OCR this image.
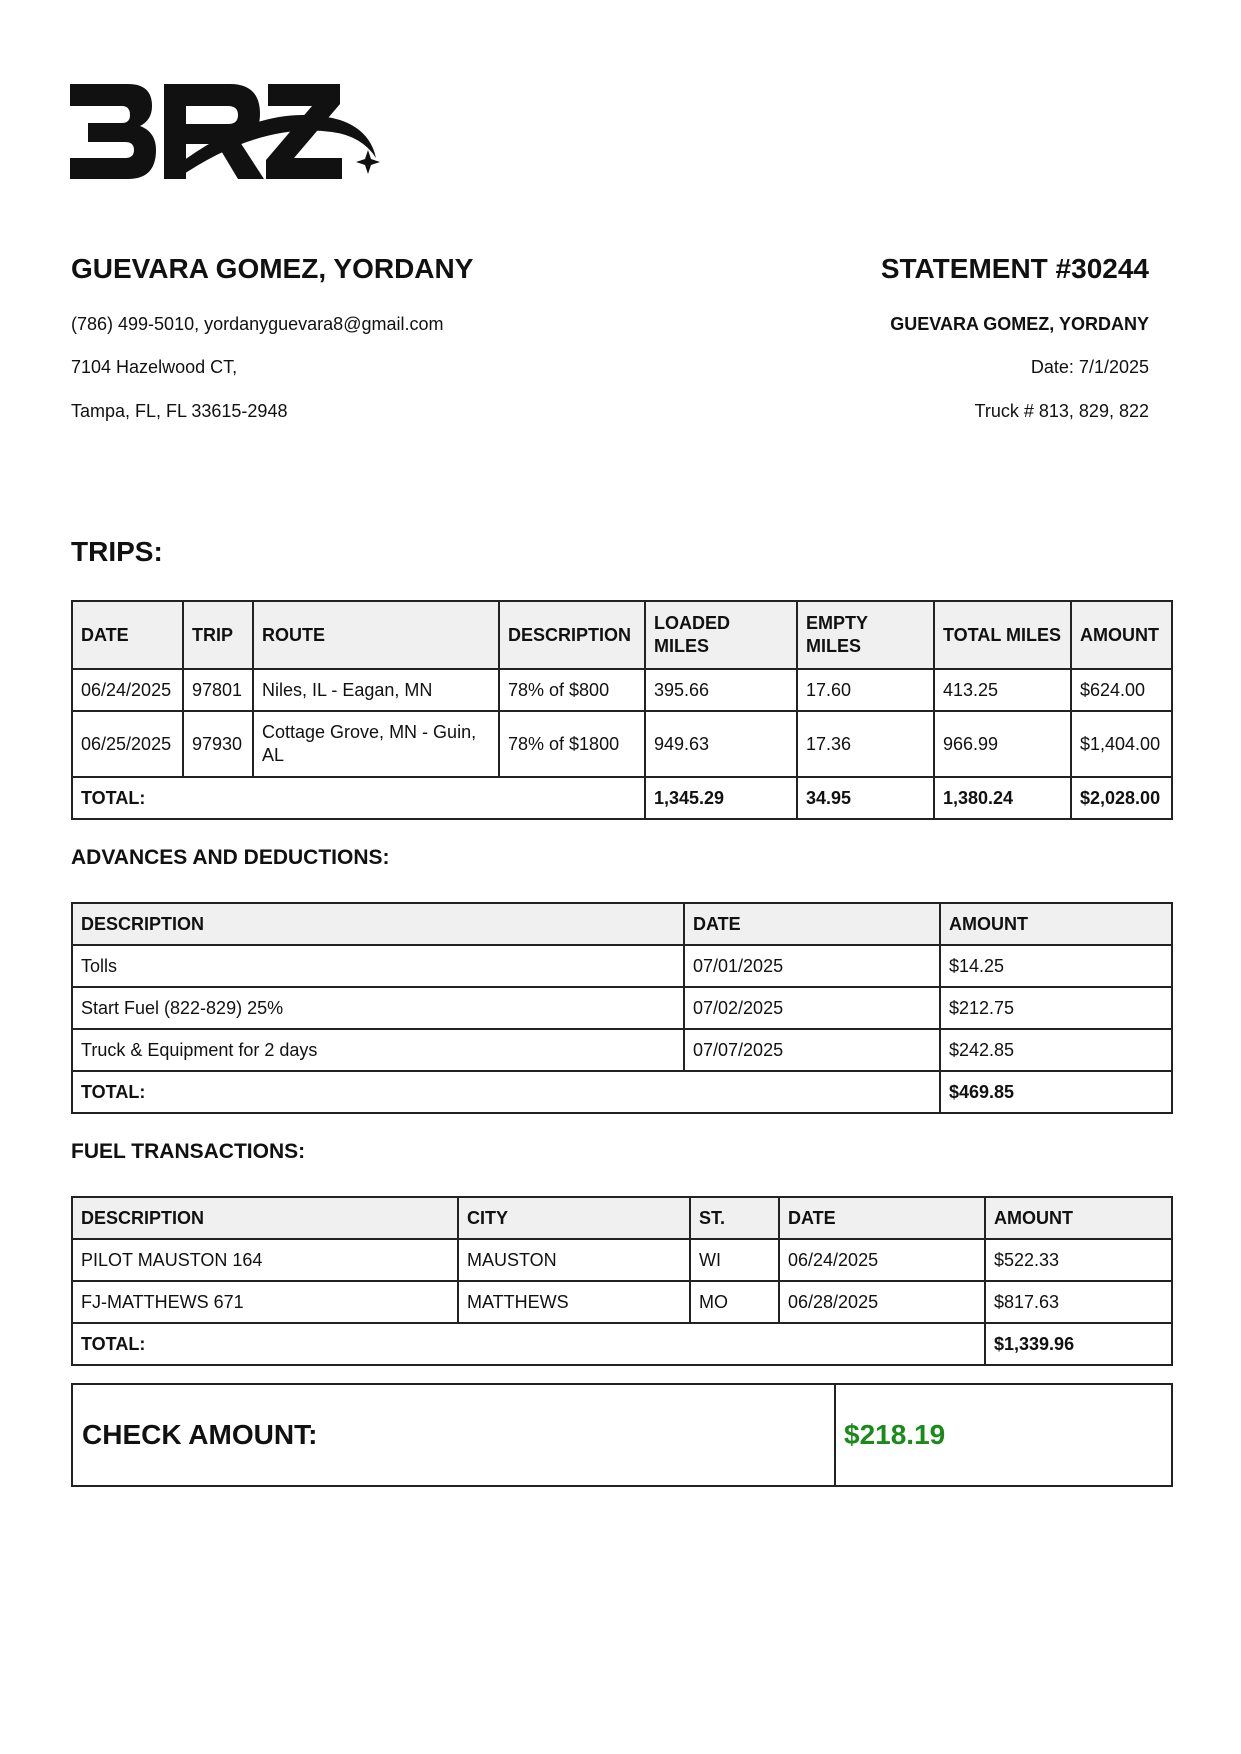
GUEVARA GOMEZ, YORDANY
(786) 499-5010, yordanyguevara8@gmail.com
7104 Hazelwood CT,
Tampa, FL, FL 33615-2948
STATEMENT #30244
GUEVARA GOMEZ, YORDANY
Date: 7/1/2025
Truck # 813, 829, 822
TRIPS:
DATE	TRIP	ROUTE	DESCRIPTION	LOADED MILES	EMPTY MILES	TOTAL MILES	AMOUNT
06/24/2025	97801	Niles, IL - Eagan, MN	78% of $800	395.66	17.60	413.25	$624.00
06/25/2025	97930	Cottage Grove, MN - Guin, AL	78% of $1800	949.63	17.36	966.99	$1,404.00
TOTAL:				1,345.29	34.95	1,380.24	$2,028.00
ADVANCES AND DEDUCTIONS:
DESCRIPTION	DATE	AMOUNT
Tolls	07/01/2025	$14.25
Start Fuel (822-829) 25%	07/02/2025	$212.75
Truck & Equipment for 2 days	07/07/2025	$242.85
TOTAL:		$469.85
FUEL TRANSACTIONS:
DESCRIPTION	CITY	ST.	DATE	AMOUNT
PILOT MAUSTON 164	MAUSTON	WI	06/24/2025	$522.33
FJ-MATTHEWS 671	MATTHEWS	MO	06/28/2025	$817.63
TOTAL:				$1,339.96
CHECK AMOUNT:	$218.19
